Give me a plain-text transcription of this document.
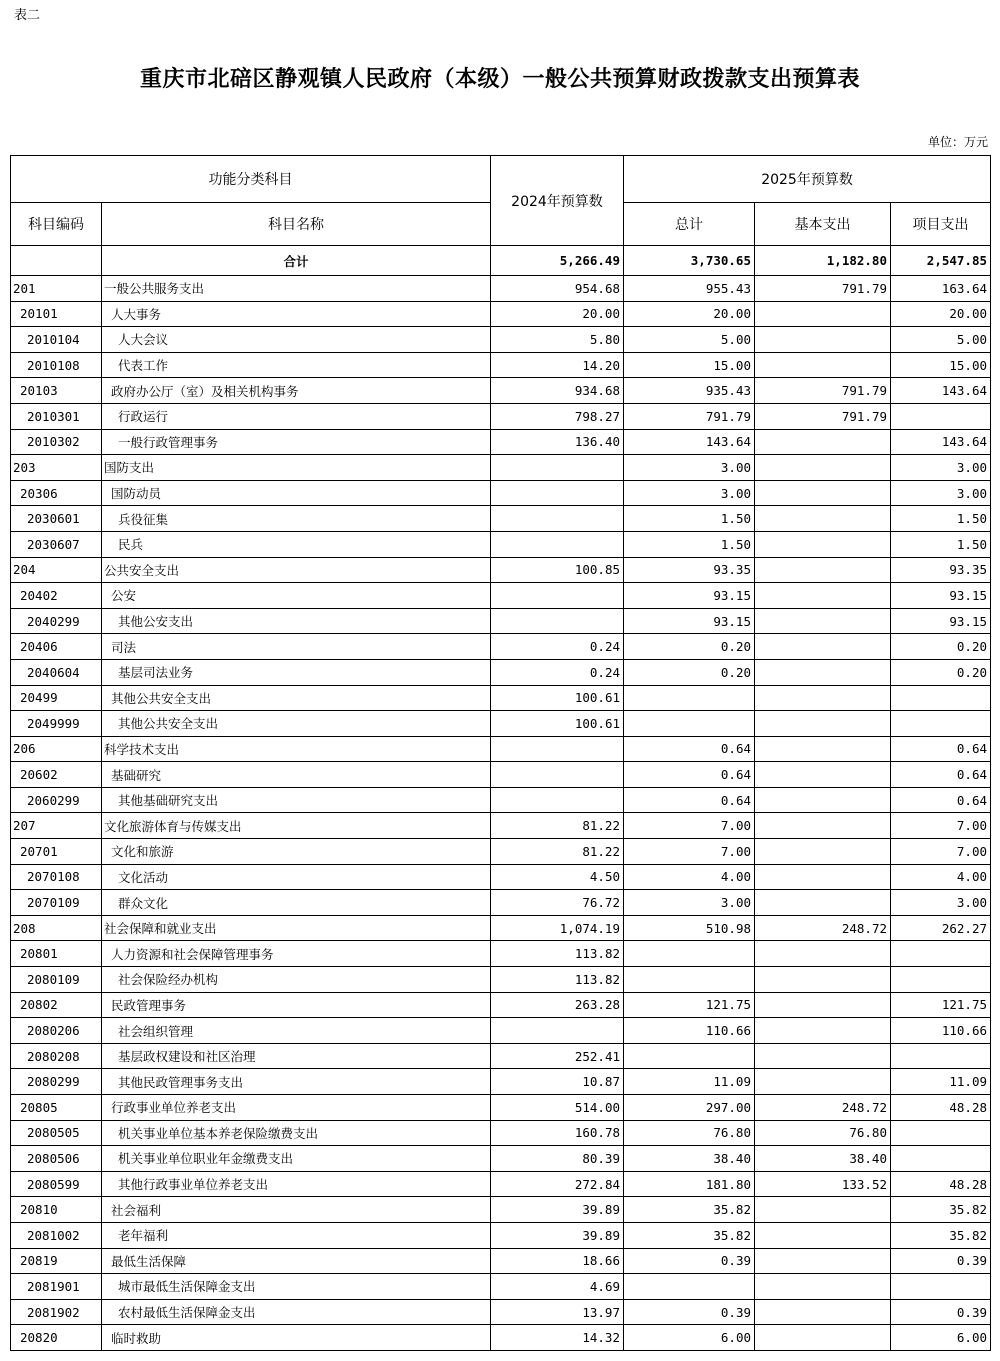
表二
重庆市北碚区静观镇人民政府（本级）一般公共预算财政拨款支出预算表
单位：万元
功能分类科目		2024年预算数	2025年预算数		
科目编码	科目名称		总计	基本支出	项目支出
	合计	5,266.49	3,730.65	1,182.80	2,547.85
201	一般公共服务支出	954.68	955.43	791.79	163.64
20101	人大事务	20.00	20.00		20.00
2010104	人大会议	5.80	5.00		5.00
2010108	代表工作	14.20	15.00		15.00
20103	政府办公厅（室）及相关机构事务	934.68	935.43	791.79	143.64
2010301	行政运行	798.27	791.79	791.79	
2010302	一般行政管理事务	136.40	143.64		143.64
203	国防支出		3.00		3.00
20306	国防动员		3.00		3.00
2030601	兵役征集		1.50		1.50
2030607	民兵		1.50		1.50
204	公共安全支出	100.85	93.35		93.35
20402	公安		93.15		93.15
2040299	其他公安支出		93.15		93.15
20406	司法	0.24	0.20		0.20
2040604	基层司法业务	0.24	0.20		0.20
20499	其他公共安全支出	100.61			
2049999	其他公共安全支出	100.61			
206	科学技术支出		0.64		0.64
20602	基础研究		0.64		0.64
2060299	其他基础研究支出		0.64		0.64
207	文化旅游体育与传媒支出	81.22	7.00		7.00
20701	文化和旅游	81.22	7.00		7.00
2070108	文化活动	4.50	4.00		4.00
2070109	群众文化	76.72	3.00		3.00
208	社会保障和就业支出	1,074.19	510.98	248.72	262.27
20801	人力资源和社会保障管理事务	113.82			
2080109	社会保险经办机构	113.82			
20802	民政管理事务	263.28	121.75		121.75
2080206	社会组织管理		110.66		110.66
2080208	基层政权建设和社区治理	252.41			
2080299	其他民政管理事务支出	10.87	11.09		11.09
20805	行政事业单位养老支出	514.00	297.00	248.72	48.28
2080505	机关事业单位基本养老保险缴费支出	160.78	76.80	76.80	
2080506	机关事业单位职业年金缴费支出	80.39	38.40	38.40	
2080599	其他行政事业单位养老支出	272.84	181.80	133.52	48.28
20810	社会福利	39.89	35.82		35.82
2081002	老年福利	39.89	35.82		35.82
20819	最低生活保障	18.66	0.39		0.39
2081901	城市最低生活保障金支出	4.69			
2081902	农村最低生活保障金支出	13.97	0.39		0.39
20820	临时救助	14.32	6.00		6.00
